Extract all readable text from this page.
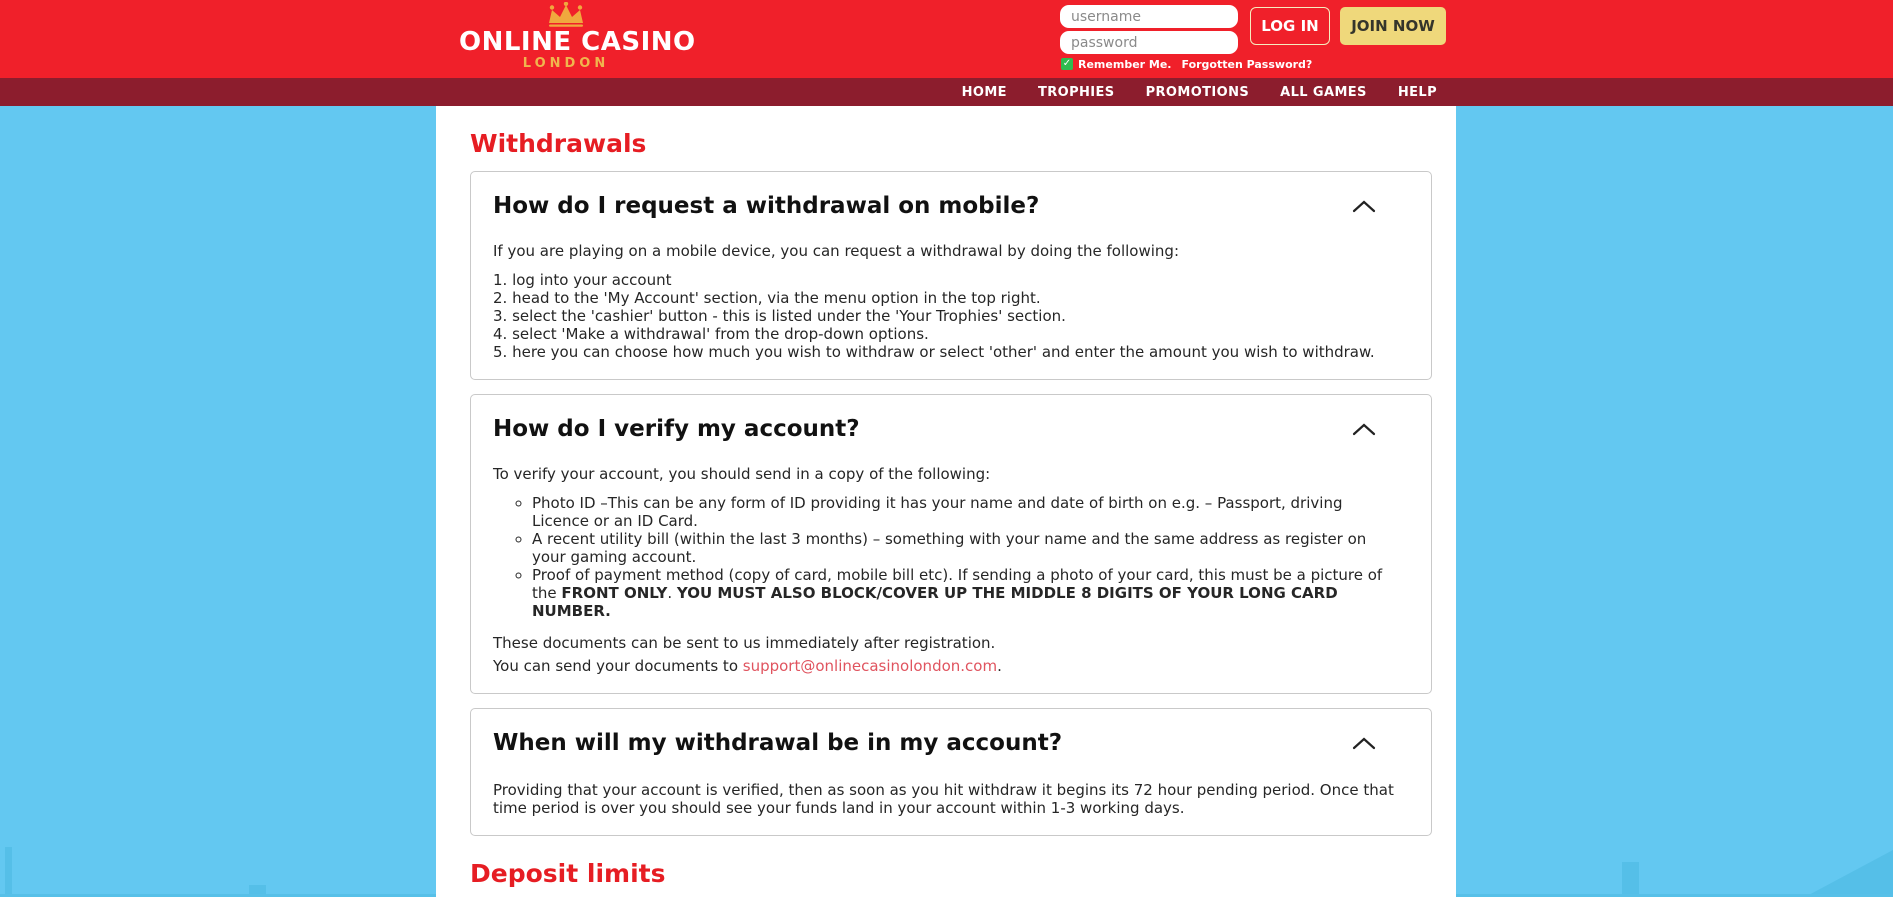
ONLINE CASINO
LONDON
username	✓ Remember Me. Forgotten Password?
LOG IN	JOIN NOW
HOME TROPHIES PROMOTIONS ALL GAMES HELP
Withdrawals
How do I request a withdrawal on mobile?

If you are playing on a mobile device, you can request a withdrawal by doing the following:

1. log into your account
2. head to the 'My Account' section, via the menu option in the top right.
3. select the 'cashier' button - this is listed under the 'Your Trophies' section.
4. select 'Make a withdrawal' from the drop-down options.
5. here you can choose how much you wish to withdraw or select 'other' and enter the amount you wish to withdraw.
How do I verify my account?

To verify your account, you should send in a copy of the following:

◦ Photo ID –This can be any form of ID providing it has your name and date of birth on e.g. – Passport, driving Licence or an ID Card.
◦ A recent utility bill (within the last 3 months) – something with your name and the same address as register on your gaming account.
◦ Proof of payment method (copy of card, mobile bill etc). If sending a photo of your card, this must be a picture of the FRONT ONLY. YOU MUST ALSO BLOCK/COVER UP THE MIDDLE 8 DIGITS OF YOUR LONG CARD NUMBER.

These documents can be sent to us immediately after registration.

You can send your documents to support@onlinecasinolondon.com.

When will my withdrawal be in my account?

Providing that your account is verified, then as soon as you hit withdraw it begins its 72 hour pending period. Once that time period is over you should see your funds land in your account within 1-3 working days.

Deposit limits
